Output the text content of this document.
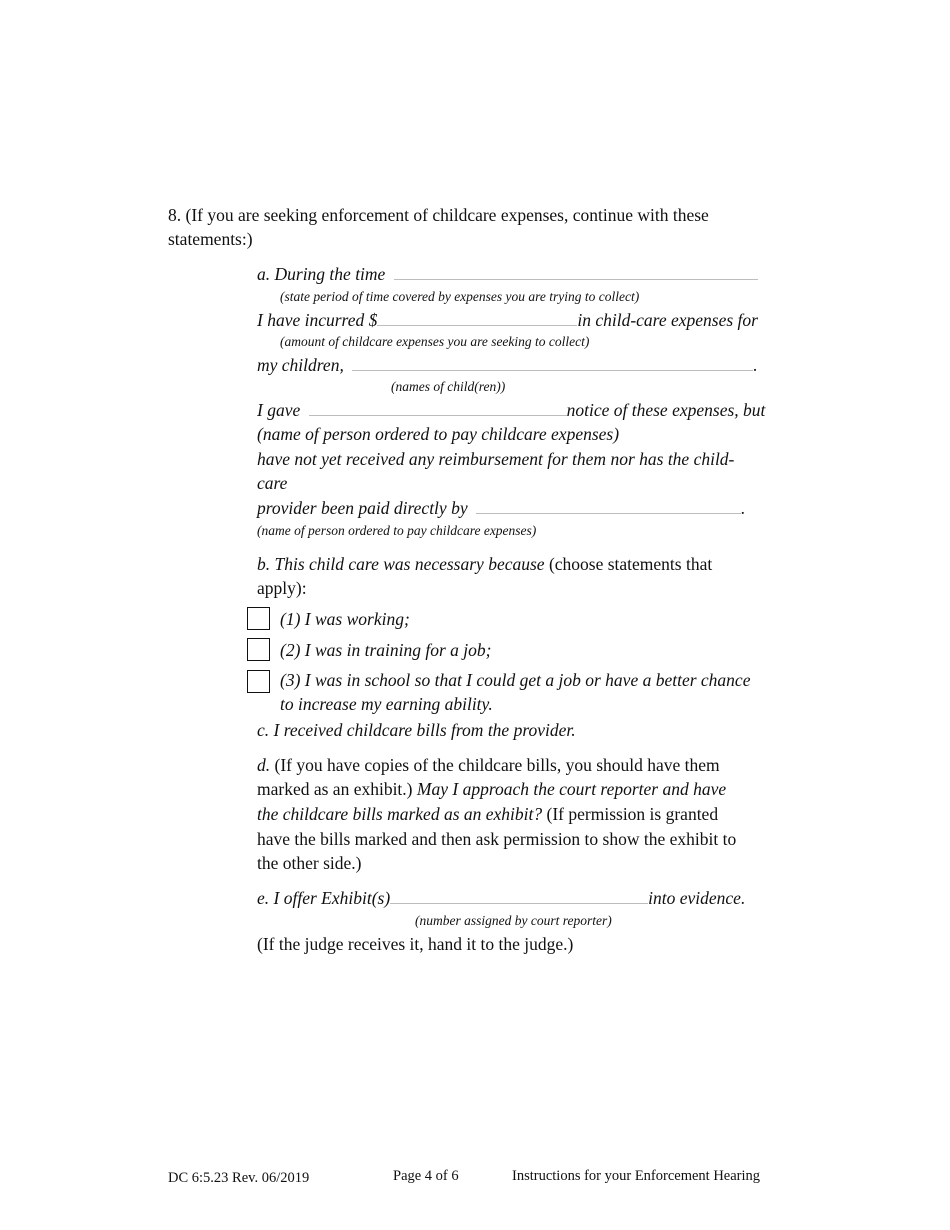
8. (If you are seeking enforcement of childcare expenses, continue with these
statements:)
a. During the time
(state period of time covered by expenses you are trying to collect)
I have incurred $	in child-care expenses for
(amount of childcare expenses you are seeking to collect)
my children,	.
(names of child(ren))
I gave	notice of these expenses, but
(name of person ordered to pay childcare expenses)
have not yet received any reimbursement for them nor has the child-
care
provider been paid directly by	.
(name of person ordered to pay childcare expenses)
b. This child care was necessary because (choose statements that
apply):
(1) I was working;
(2) I was in training for a job;
(3) I was in school so that I could get a job or have a better chance
to increase my earning ability.
c. I received childcare bills from the provider.
d. (If you have copies of the childcare bills, you should have them
marked as an exhibit.) May I approach the court reporter and have
the childcare bills marked as an exhibit? (If permission is granted
have the bills marked and then ask permission to show the exhibit to
the other side.)
e. I offer Exhibit(s)	into evidence.
(number assigned by court reporter)
(If the judge receives it, hand it to the judge.)
DC 6:5.23 Rev. 06/2019	Page 4 of 6	Instructions for your Enforcement Hearing
